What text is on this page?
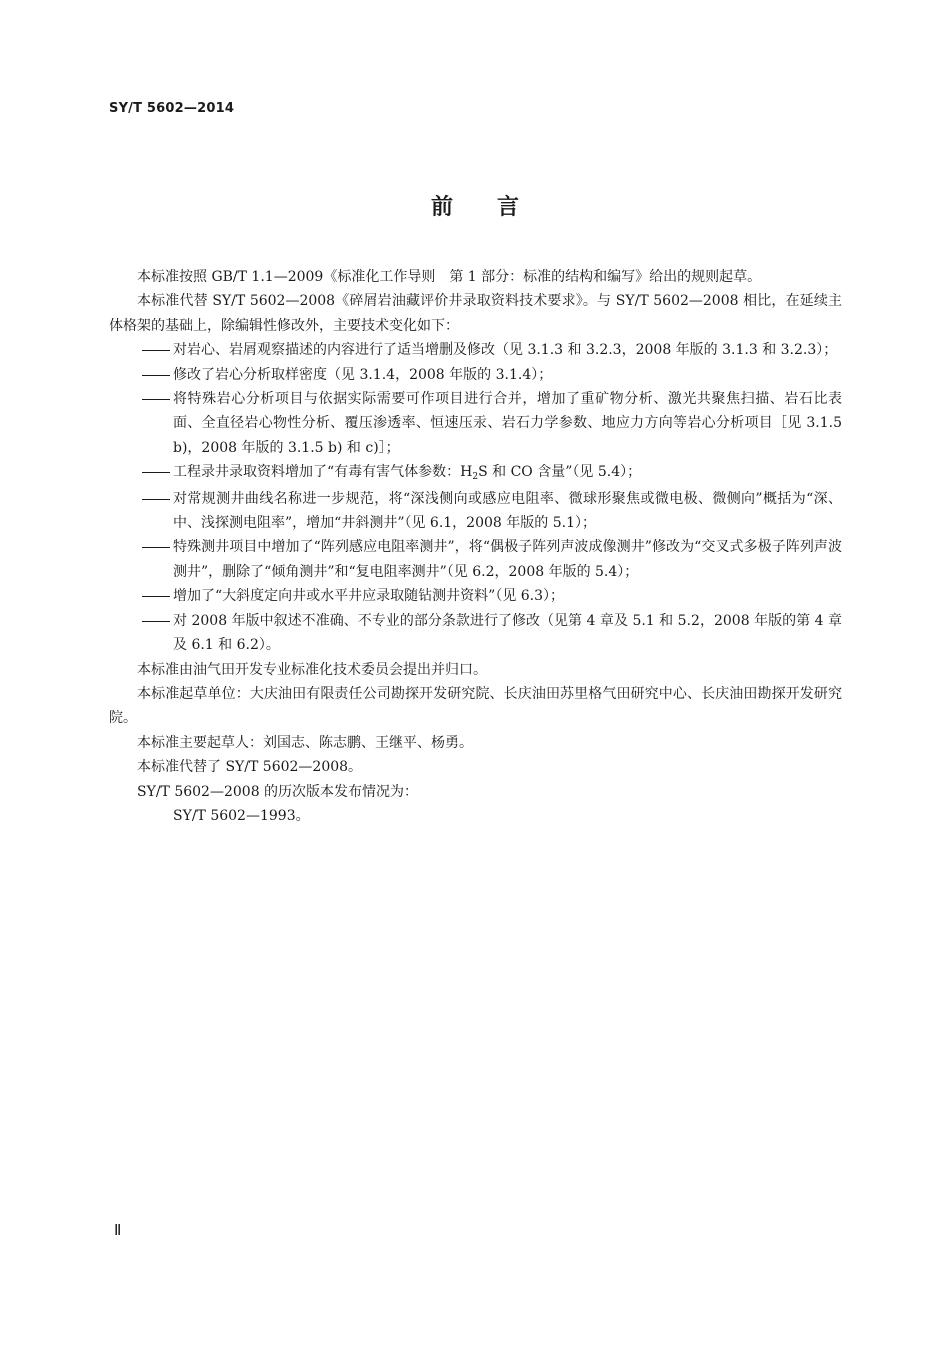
SY/T 5602—2014
前言

本标准按照 GB/T 1.1—2009《标准化工作导则　第 1 部分：标准的结构和编写》给出的规则起草。

本标准代替 SY/T 5602—2008《碎屑岩油藏评价井录取资料技术要求》。与 SY/T 5602—2008 相比，在延续主体格架的基础上，除编辑性修改外，主要技术变化如下：

对岩心、岩屑观察描述的内容进行了适当增删及修改（见 3.1.3 和 3.2.3，2008 年版的 3.1.3 和 3.2.3）；

修改了岩心分析取样密度（见 3.1.4，2008 年版的 3.1.4）；

将特殊岩心分析项目与依据实际需要可作项目进行合并，增加了重矿物分析、激光共聚焦扫描、岩石比表面、全直径岩心物性分析、覆压渗透率、恒速压汞、岩石力学参数、地应力方向等岩心分析项目［见 3.1.5 b)，2008 年版的 3.1.5 b) 和 c)］；

工程录井录取资料增加了“有毒有害气体参数：$H_2S$ 和 CO 含量”（见 5.4）；

对常规测井曲线名称进一步规范，将“深浅侧向或感应电阻率、微球形聚焦或微电极、微侧向”概括为“深、中、浅探测电阻率”，增加“井斜测井”（见 6.1，2008 年版的 5.1）；

特殊测井项目中增加了“阵列感应电阻率测井”，将“偶极子阵列声波成像测井”修改为“交叉式多极子阵列声波测井”，删除了“倾角测井”和“复电阻率测井”（见 6.2，2008 年版的 5.4）；

增加了“大斜度定向井或水平井应录取随钻测井资料”（见 6.3）；

对 2008 年版中叙述不准确、不专业的部分条款进行了修改（见第 4 章及 5.1 和 5.2，2008 年版的第 4 章及 6.1 和 6.2）。

本标准由油气田开发专业标准化技术委员会提出并归口。

本标准起草单位：大庆油田有限责任公司勘探开发研究院、长庆油田苏里格气田研究中心、长庆油田勘探开发研究院。

本标准主要起草人：刘国志、陈志鹏、王继平、杨勇。

本标准代替了 SY/T 5602—2008。

SY/T 5602—2008 的历次版本发布情况为：

SY/T 5602—1993。

Ⅱ
